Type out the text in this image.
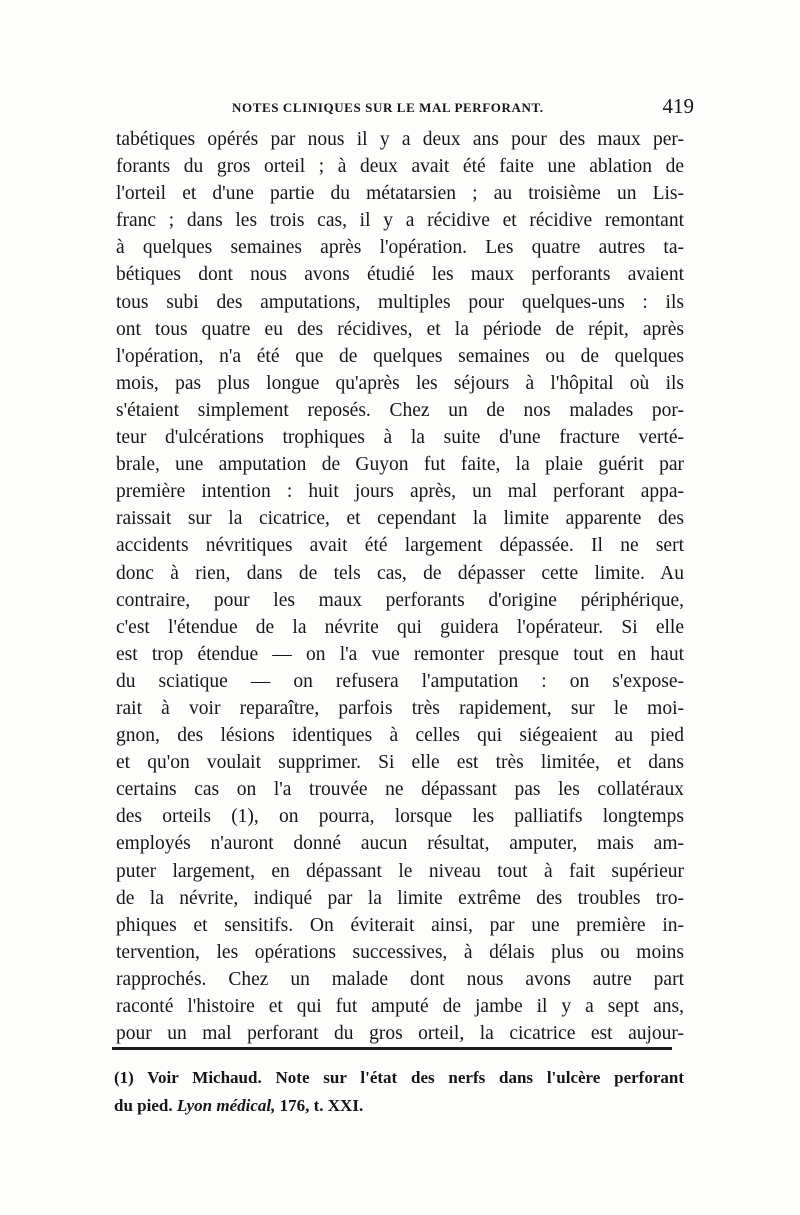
NOTES CLINIQUES SUR LE MAL PERFORANT.	419
tabétiques opérés par nous il y a deux ans pour des maux per-
forants du gros orteil ; à deux avait été faite une ablation de
l'orteil et d'une partie du métatarsien ; au troisième un Lis-
franc ; dans les trois cas, il y a récidive et récidive remontant
à quelques semaines après l'opération. Les quatre autres ta-
bétiques dont nous avons étudié les maux perforants avaient
tous subi des amputations, multiples pour quelques-uns : ils
ont tous quatre eu des récidives, et la période de répit, après
l'opération, n'a été que de quelques semaines ou de quelques
mois, pas plus longue qu'après les séjours à l'hôpital où ils
s'étaient simplement reposés. Chez un de nos malades por-
teur d'ulcérations trophiques à la suite d'une fracture verté-
brale, une amputation de Guyon fut faite, la plaie guérit par
première intention : huit jours après, un mal perforant appa-
raissait sur la cicatrice, et cependant la limite apparente des
accidents névritiques avait été largement dépassée. Il ne sert
donc à rien, dans de tels cas, de dépasser cette limite. Au
contraire, pour les maux perforants d'origine périphérique,
c'est l'étendue de la névrite qui guidera l'opérateur. Si elle
est trop étendue — on l'a vue remonter presque tout en haut
du sciatique — on refusera l'amputation : on s'expose-
rait à voir reparaître, parfois très rapidement, sur le moi-
gnon, des lésions identiques à celles qui siégeaient au pied
et qu'on voulait supprimer. Si elle est très limitée, et dans
certains cas on l'a trouvée ne dépassant pas les collatéraux
des orteils (1), on pourra, lorsque les palliatifs longtemps
employés n'auront donné aucun résultat, amputer, mais am-
puter largement, en dépassant le niveau tout à fait supérieur
de la névrite, indiqué par la limite extrême des troubles tro-
phiques et sensitifs. On éviterait ainsi, par une première in-
tervention, les opérations successives, à délais plus ou moins
rapprochés. Chez un malade dont nous avons autre part
raconté l'histoire et qui fut amputé de jambe il y a sept ans,
pour un mal perforant du gros orteil, la cicatrice est aujour-
(1) Voir Michaud. Note sur l'état des nerfs dans l'ulcère perforant
du pied. Lyon médical, 176, t. XXI.
